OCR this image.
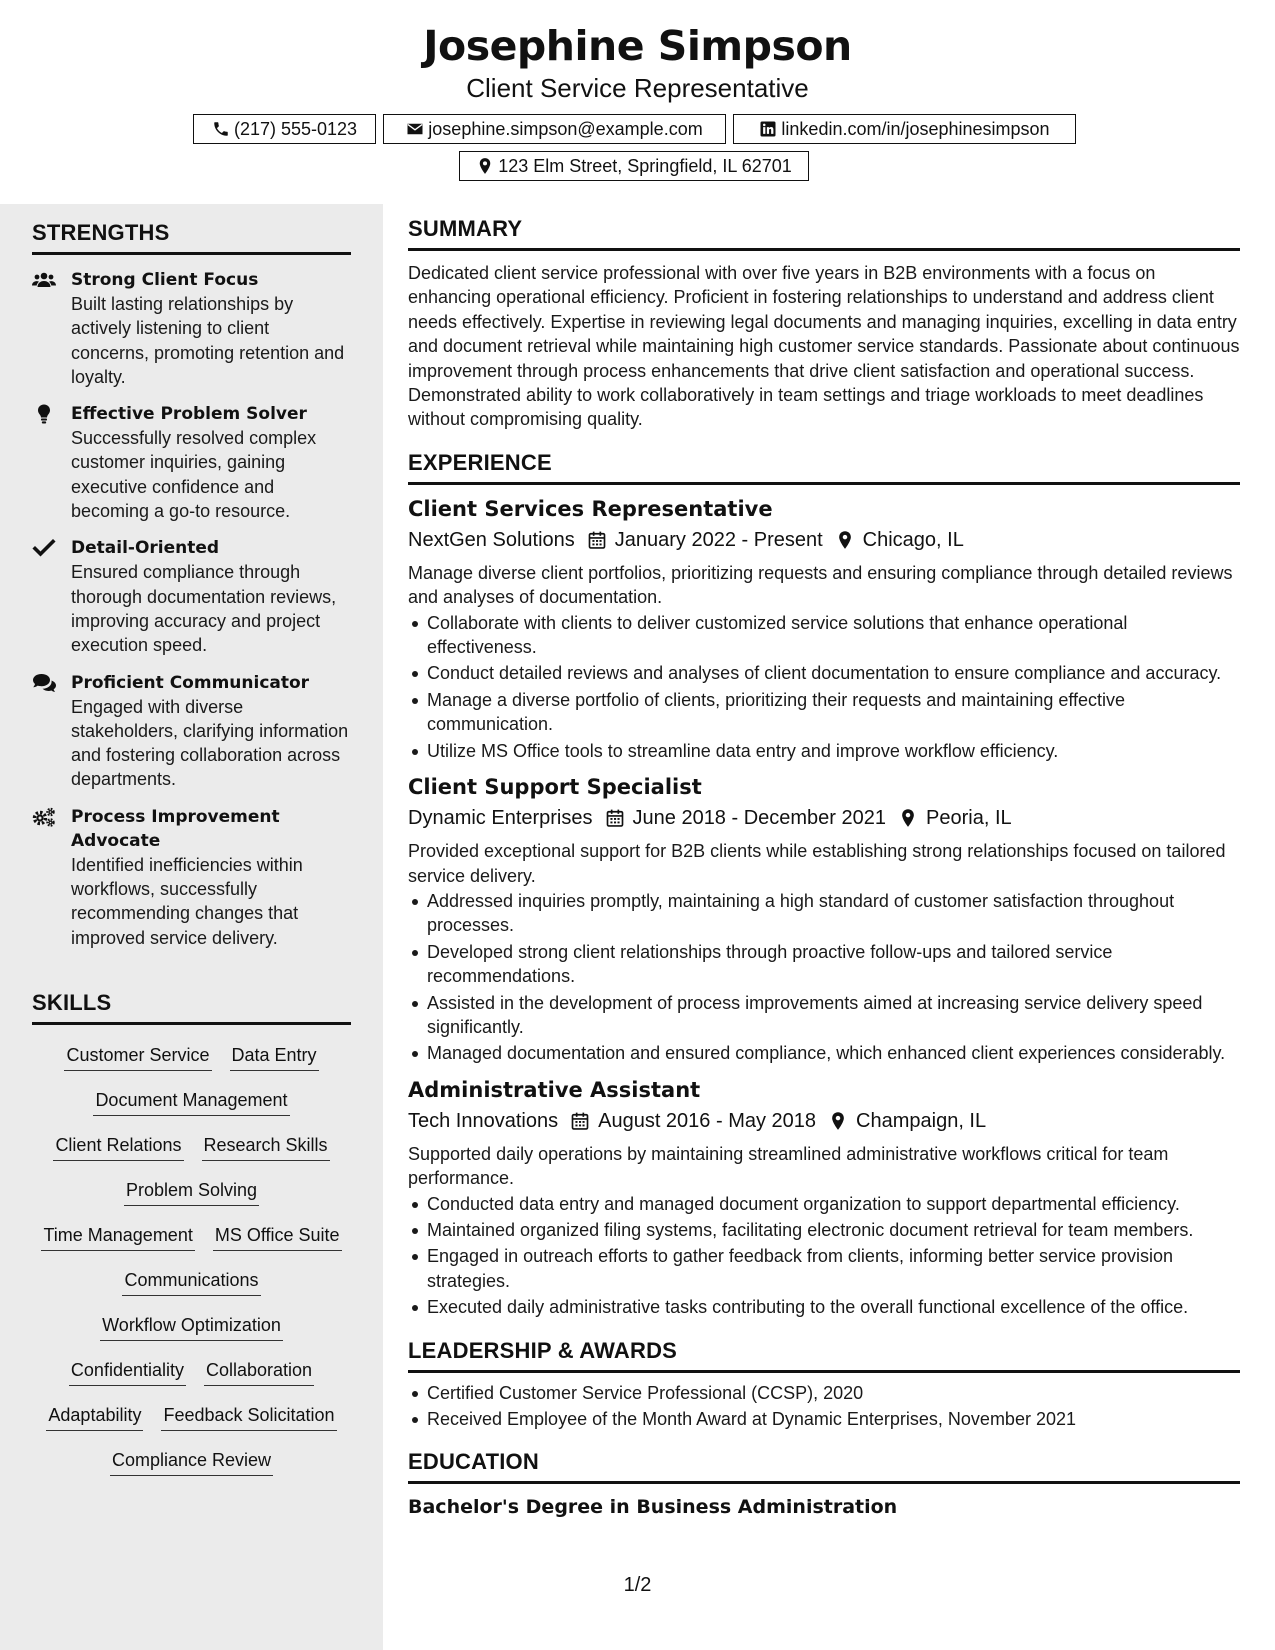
Josephine Simpson
Client Service Representative
(217) 555-0123	josephine.simpson@example.com	linkedin.com/in/josephinesimpson
123 Elm Street, Springfield, IL 62701
STRENGTHS
Strong Client Focus
Built lasting relationships by actively listening to client concerns, promoting retention and loyalty.
Effective Problem Solver
Successfully resolved complex customer inquiries, gaining executive confidence and becoming a go-to resource.
Detail-Oriented
Ensured compliance through thorough documentation reviews, improving accuracy and project execution speed.
Proficient Communicator
Engaged with diverse stakeholders, clarifying information and fostering collaboration across departments.
Process Improvement Advocate
Identified inefficiencies within workflows, successfully recommending changes that improved service delivery.
SKILLS
Customer Service Data Entry
Document Management
Client Relations Research Skills
Problem Solving
Time Management MS Office Suite
Communications
Workflow Optimization
Confidentiality Collaboration
Adaptability Feedback Solicitation
Compliance Review
SUMMARY
Dedicated client service professional with over five years in B2B environments with a focus on enhancing operational efficiency. Proficient in fostering relationships to understand and address client needs effectively. Expertise in reviewing legal documents and managing inquiries, excelling in data entry and document retrieval while maintaining high customer service standards. Passionate about continuous improvement through process enhancements that drive client satisfaction and operational success. Demonstrated ability to work collaboratively in team settings and triage workloads to meet deadlines without compromising quality.
EXPERIENCE
Client Services Representative
NextGen Solutions January 2022 - Present Chicago, IL
Manage diverse client portfolios, prioritizing requests and ensuring compliance through detailed reviews and analyses of documentation.
Collaborate with clients to deliver customized service solutions that enhance operational effectiveness.
Conduct detailed reviews and analyses of client documentation to ensure compliance and accuracy.
Manage a diverse portfolio of clients, prioritizing their requests and maintaining effective communication.
Utilize MS Office tools to streamline data entry and improve workflow efficiency.
Client Support Specialist
Dynamic Enterprises June 2018 - December 2021 Peoria, IL
Provided exceptional support for B2B clients while establishing strong relationships focused on tailored service delivery.
Addressed inquiries promptly, maintaining a high standard of customer satisfaction throughout processes.
Developed strong client relationships through proactive follow-ups and tailored service recommendations.
Assisted in the development of process improvements aimed at increasing service delivery speed significantly.
Managed documentation and ensured compliance, which enhanced client experiences considerably.
Administrative Assistant
Tech Innovations August 2016 - May 2018 Champaign, IL
Supported daily operations by maintaining streamlined administrative workflows critical for team performance.
Conducted data entry and managed document organization to support departmental efficiency.
Maintained organized filing systems, facilitating electronic document retrieval for team members.
Engaged in outreach efforts to gather feedback from clients, informing better service provision strategies.
Executed daily administrative tasks contributing to the overall functional excellence of the office.
LEADERSHIP & AWARDS
Certified Customer Service Professional (CCSP), 2020
Received Employee of the Month Award at Dynamic Enterprises, November 2021
EDUCATION
Bachelor's Degree in Business Administration
1/2
